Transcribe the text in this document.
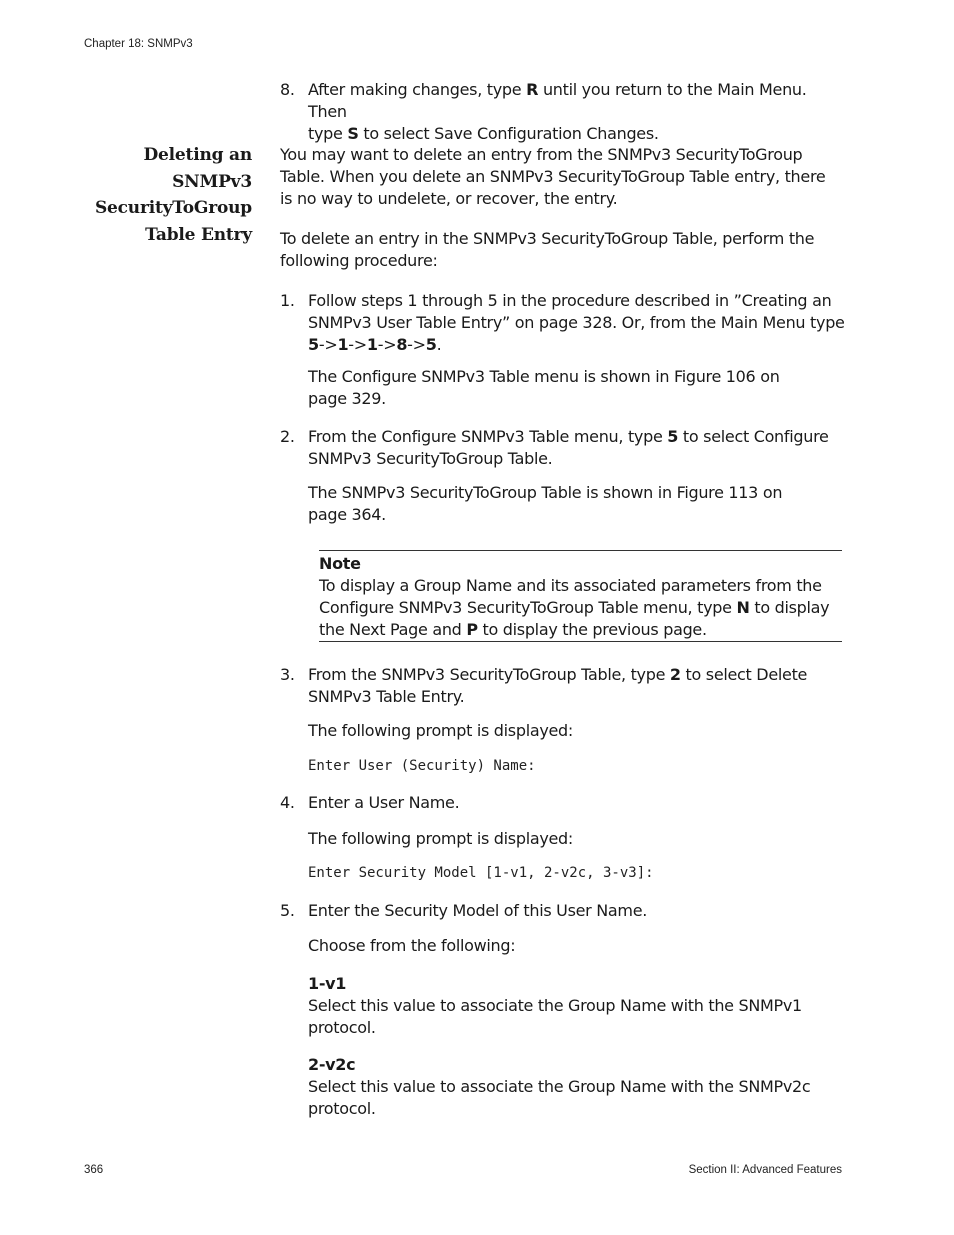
Chapter 18: SNMPv3
366	Section II: Advanced Features
Deleting an
SNMPv3
SecurityToGroup
Table Entry
8. After making changes, type R until you return to the Main Menu. Then
type S to select Save Configuration Changes.
You may want to delete an entry from the SNMPv3 SecurityToGroup
Table. When you delete an SNMPv3 SecurityToGroup Table entry, there
is no way to undelete, or recover, the entry.
To delete an entry in the SNMPv3 SecurityToGroup Table, perform the
following procedure:
1. Follow steps 1 through 5 in the procedure described in ”Creating an
SNMPv3 User Table Entry” on page 328. Or, from the Main Menu type
5->1->1->8->5.
The Configure SNMPv3 Table menu is shown in Figure 106 on
page 329.
2. From the Configure SNMPv3 Table menu, type 5 to select Configure
SNMPv3 SecurityToGroup Table.
The SNMPv3 SecurityToGroup Table is shown in Figure 113 on
page 364.
Note
To display a Group Name and its associated parameters from the
Configure SNMPv3 SecurityToGroup Table menu, type N to display
the Next Page and P to display the previous page.
3. From the SNMPv3 SecurityToGroup Table, type 2 to select Delete
SNMPv3 Table Entry.
The following prompt is displayed:
Enter User (Security) Name:
4. Enter a User Name.
The following prompt is displayed:
Enter Security Model [1-v1, 2-v2c, 3-v3]:
5. Enter the Security Model of this User Name.
Choose from the following:
1-v1
Select this value to associate the Group Name with the SNMPv1
protocol.
2-v2c
Select this value to associate the Group Name with the SNMPv2c
protocol.
